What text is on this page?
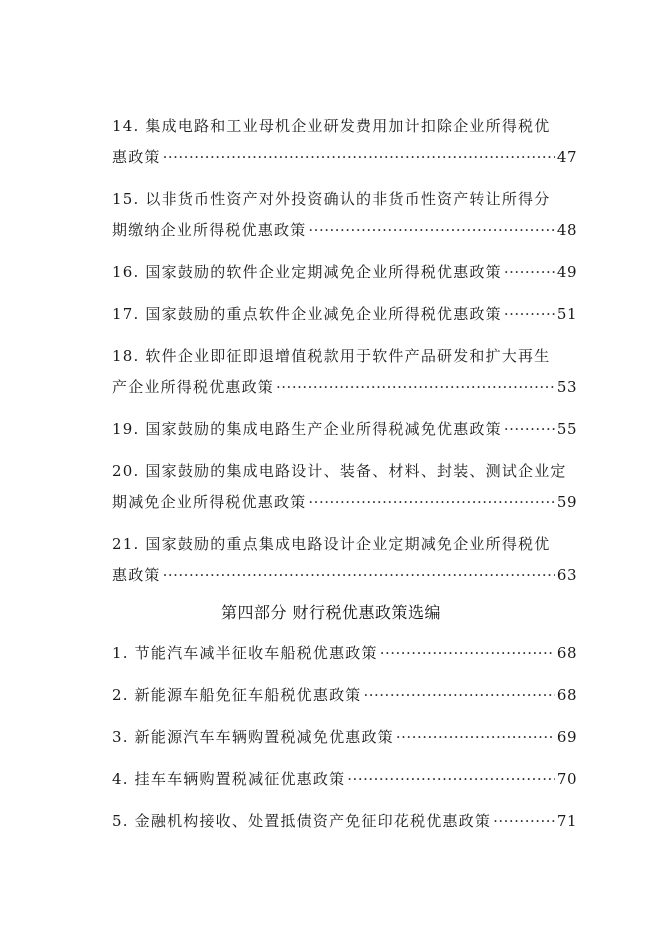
14. 集成电路和工业母机企业研发费用加计扣除企业所得税优
惠政策 ·····	47
15. 以非货币性资产对外投资确认的非货币性资产转让所得分
期缴纳企业所得税优惠政策 ·····	48
16. 国家鼓励的软件企业定期减免企业所得税优惠政策 ·····	49
17. 国家鼓励的重点软件企业减免企业所得税优惠政策 ·····	51
18. 软件企业即征即退增值税款用于软件产品研发和扩大再生
产企业所得税优惠政策 ·····	53
19. 国家鼓励的集成电路生产企业所得税减免优惠政策 ·····	55
20. 国家鼓励的集成电路设计、装备、材料、封装、测试企业定
期减免企业所得税优惠政策 ·····	59
21. 国家鼓励的重点集成电路设计企业定期减免企业所得税优
惠政策 ·····	63
第四部分 财行税优惠政策选编
1. 节能汽车减半征收车船税优惠政策 ·····	68
2. 新能源车船免征车船税优惠政策 ·····	68
3. 新能源汽车车辆购置税减免优惠政策 ·····	69
4. 挂车车辆购置税减征优惠政策 ·····	70
5. 金融机构接收、处置抵债资产免征印花税优惠政策 ·····	71
